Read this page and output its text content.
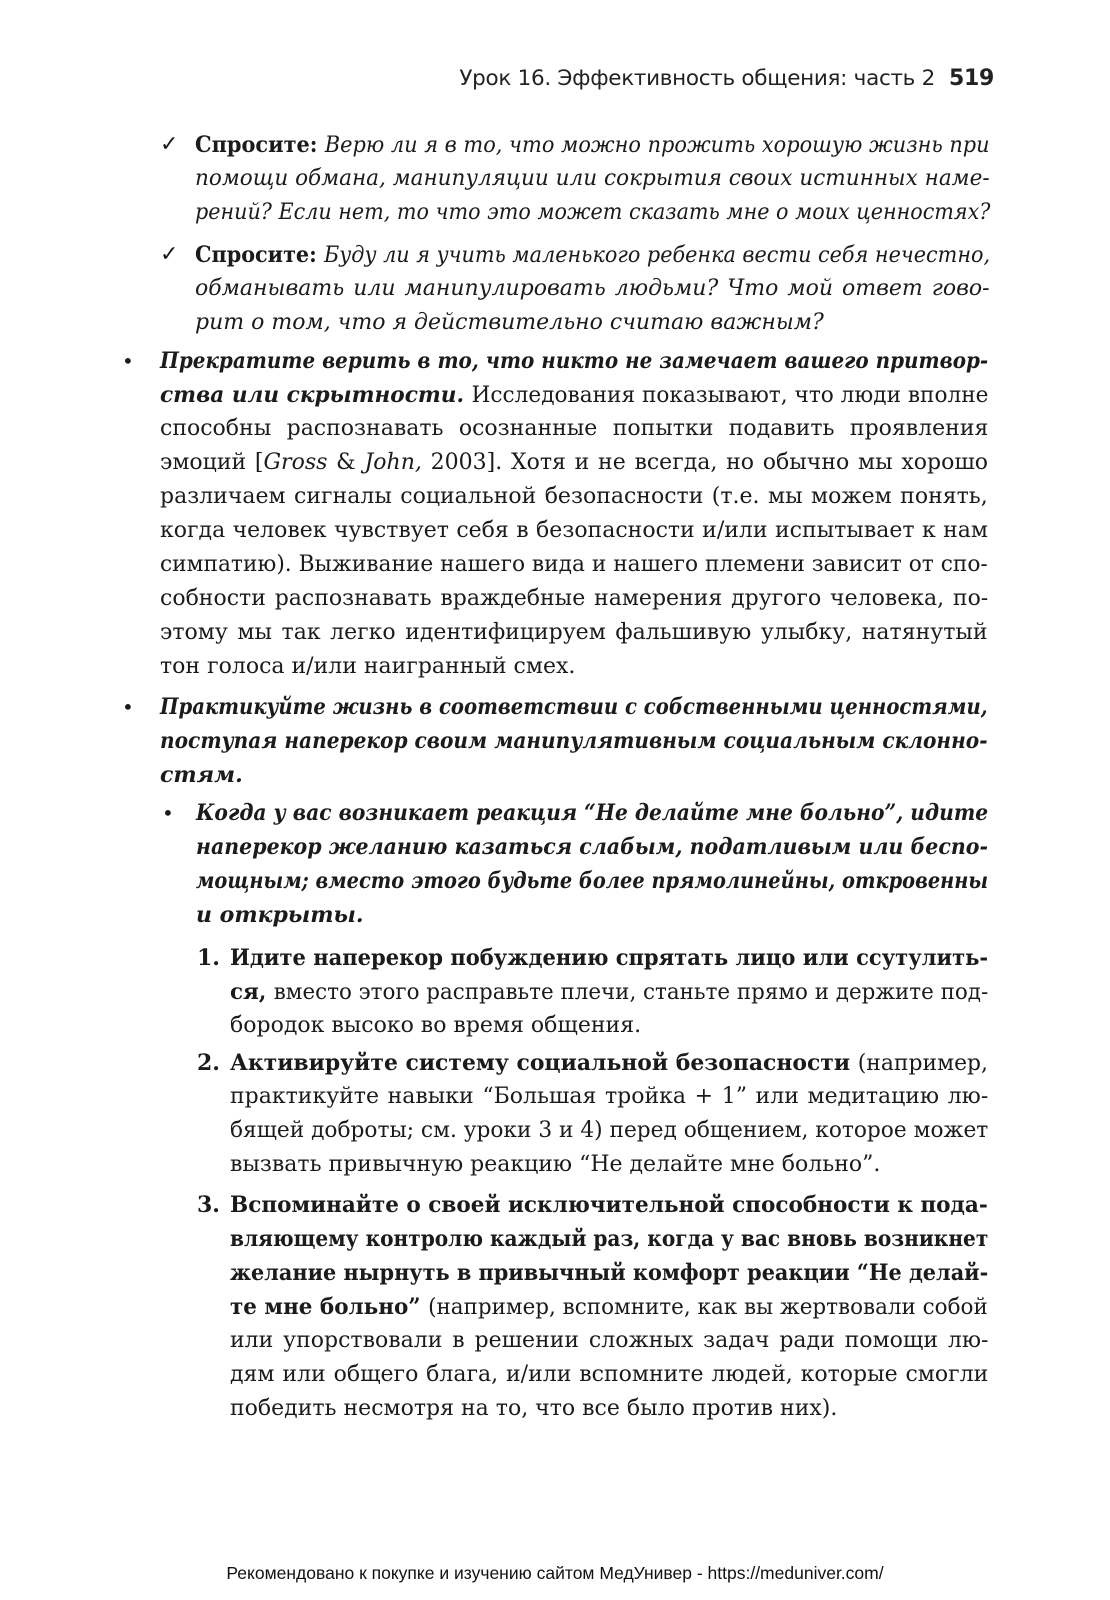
Урок 16. Эффективность общения: часть 2 519
✓
✓
•
•
•
1.
2.
3.
Спросите: Верю ли я в то, что можно прожить хорошую жизнь при
помощи обмана, манипуляции или сокрытия своих истинных наме-
рений? Если нет, то что это может сказать мне о моих ценностях?
Спросите: Буду ли я учить маленького ребенка вести себя нечестно,
обманывать или манипулировать людьми? Что мой ответ гово-
рит о том, что я действительно считаю важным?
Прекратите верить в то, что никто не замечает вашего притвор-
ства или скрытности. Исследования показывают, что люди вполне
способны распознавать осознанные попытки подавить проявления
эмоций [Gross & John, 2003]. Хотя и не всегда, но обычно мы хорошо
различаем сигналы социальной безопасности (т.е. мы можем понять,
когда человек чувствует себя в безопасности и/или испытывает к нам
симпатию). Выживание нашего вида и нашего племени зависит от спо-
собности распознавать враждебные намерения другого человека, по-
этому мы так легко идентифицируем фальшивую улыбку, натянутый
тон голоса и/или наигранный смех.
Практикуйте жизнь в соответствии с собственными ценностями,
поступая наперекор своим манипулятивным социальным склонно-
стям.
Когда у вас возникает реакция “Не делайте мне больно”, идите
наперекор желанию казаться слабым, податливым или беспо-
мощным; вместо этого будьте более прямолинейны, откровенны
и открыты.
Идите наперекор побуждению спрятать лицо или ссутулить-
ся, вместо этого расправьте плечи, станьте прямо и держите под-
бородок высоко во время общения.
Активируйте систему социальной безопасности (например,
практикуйте навыки “Большая тройка + 1” или медитацию лю-
бящей доброты; см. уроки 3 и 4) перед общением, которое может
вызвать привычную реакцию “Не делайте мне больно”.
Вспоминайте о своей исключительной способности к пода-
вляющему контролю каждый раз, когда у вас вновь возникнет
желание нырнуть в привычный комфорт реакции “Не делай-
те мне больно” (например, вспомните, как вы жертвовали собой
или упорствовали в решении сложных задач ради помощи лю-
дям или общего блага, и/или вспомните людей, которые смогли
победить несмотря на то, что все было против них).
Рекомендовано к покупке и изучению сайтом МедУнивер - https://meduniver.com/
